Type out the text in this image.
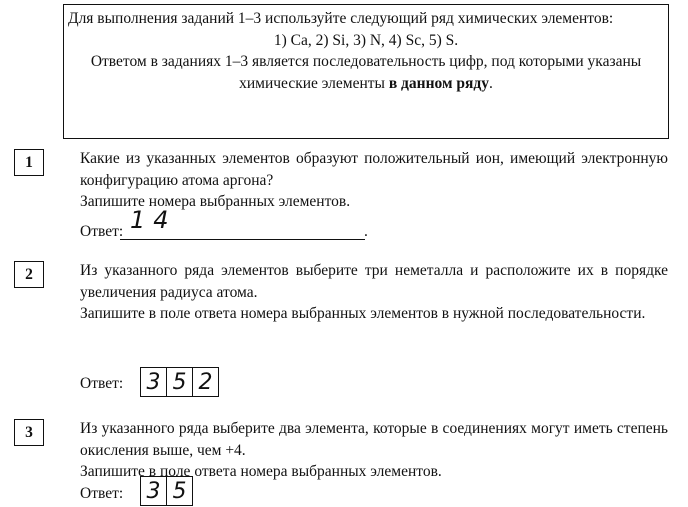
Для выполнения заданий 1–3 используйте следующий ряд химических элементов:

1) Ca, 2) Si, 3) N, 4) Sc, 5) S.

Ответом в заданиях 1–3 является последовательность цифр, под которыми указаны химические элементы в данном ряду.

1	Какие из указанных элементов образуют положительный ион, имеющий электронную конфигурацию атома аргона?

Запишите номера выбранных элементов.

Ответ: 14	.
2	Из указанного ряда элементов выберите три неметалла и расположите их в порядке увеличения радиуса атома.

Запишите в поле ответа номера выбранных элементов в нужной последовательности.

Ответ: 3 5 2
3	Из указанного ряда выберите два элемента, которые в соединениях могут иметь степень окисления выше, чем +4.

Запишите в поле ответа номера выбранных элементов.

Ответ: 3 5
